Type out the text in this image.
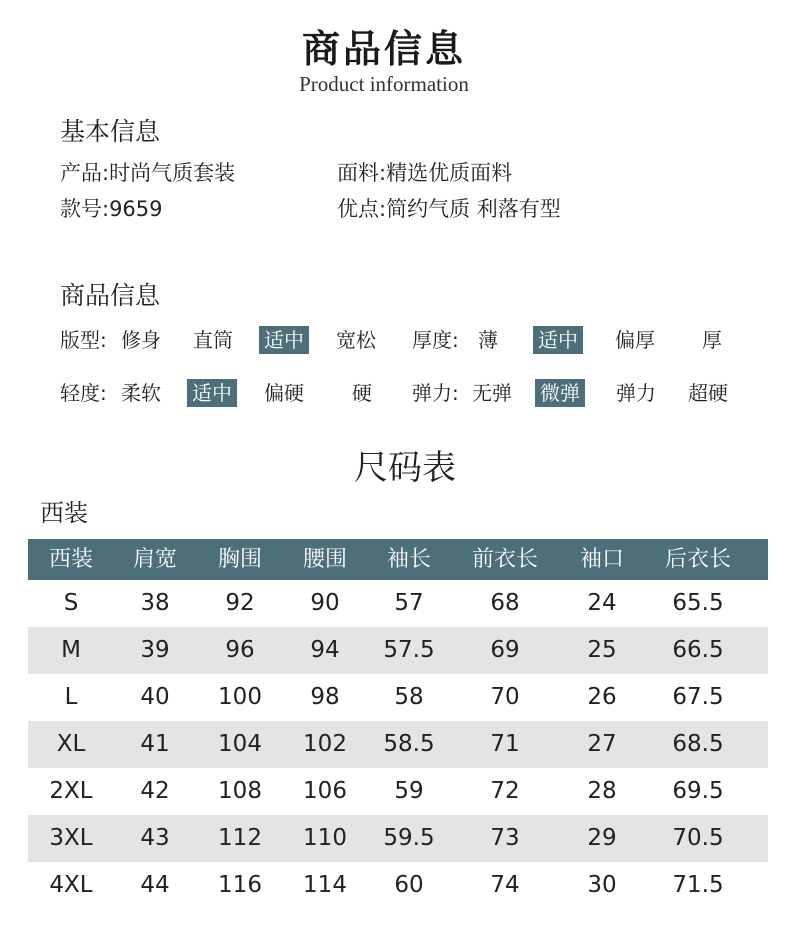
商品信息
Product information
基本信息
产品:时尚气质套装	面料:精选优质面料
款号:9659	优点:简约气质 利落有型
商品信息
版型: 修身 直筒 适中 宽松 厚度: 薄 适中 偏厚 厚
轻度: 柔软 适中 偏硬 硬 弹力: 无弹 微弹 弹力 超硬
尺码表
西装
西装 肩宽 胸围 腰围 袖长 前衣长 袖口 后衣长
S	38 92 90 57	68	24 65.5
M	39 96 94 57.5 69	25 66.5
L	40 100 98 58	70	26 67.5
XL 41 104 102 58.5 71	27 68.5
2XL 42 108 106 59	72	28 69.5
3XL 43 112 110 59.5 73	29 70.5
4XL 44 116 114 60	74	30 71.5
